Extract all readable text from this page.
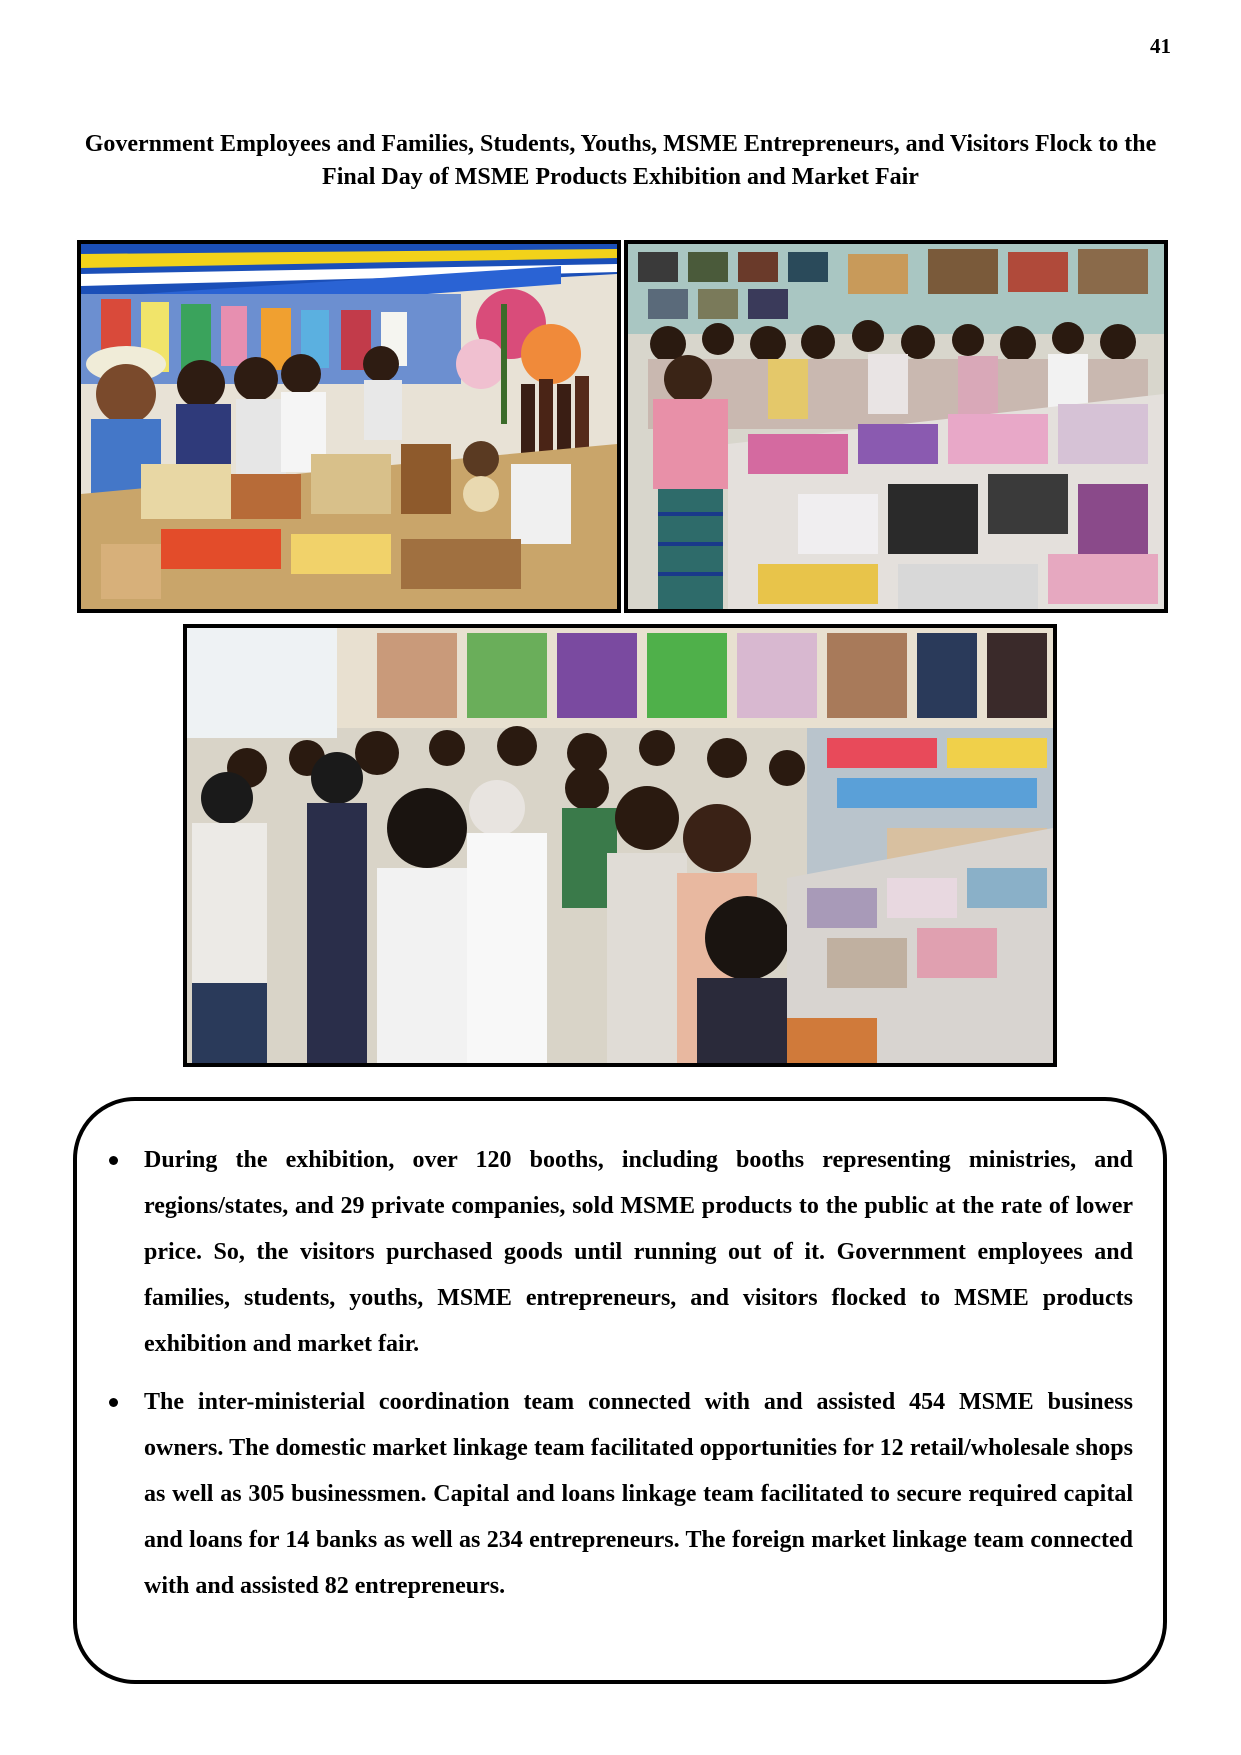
41
Government Employees and Families, Students, Youths, MSME Entrepreneurs, and Visitors Flock to the Final Day of MSME Products Exhibition and Market Fair
During the exhibition, over 120 booths, including booths representing ministries, and regions/states, and 29 private companies, sold MSME products to the public at the rate of lower price. So, the visitors purchased goods until running out of it. Government employees and families, students, youths, MSME entrepreneurs, and visitors flocked to MSME products exhibition and market fair.
The inter-ministerial coordination team connected with and assisted 454 MSME business owners. The domestic market linkage team facilitated opportunities for 12 retail/wholesale shops as well as 305 businessmen. Capital and loans linkage team facilitated to secure required capital and loans for 14 banks as well as 234 entrepreneurs. The foreign market linkage team connected with and assisted 82 entrepreneurs.
